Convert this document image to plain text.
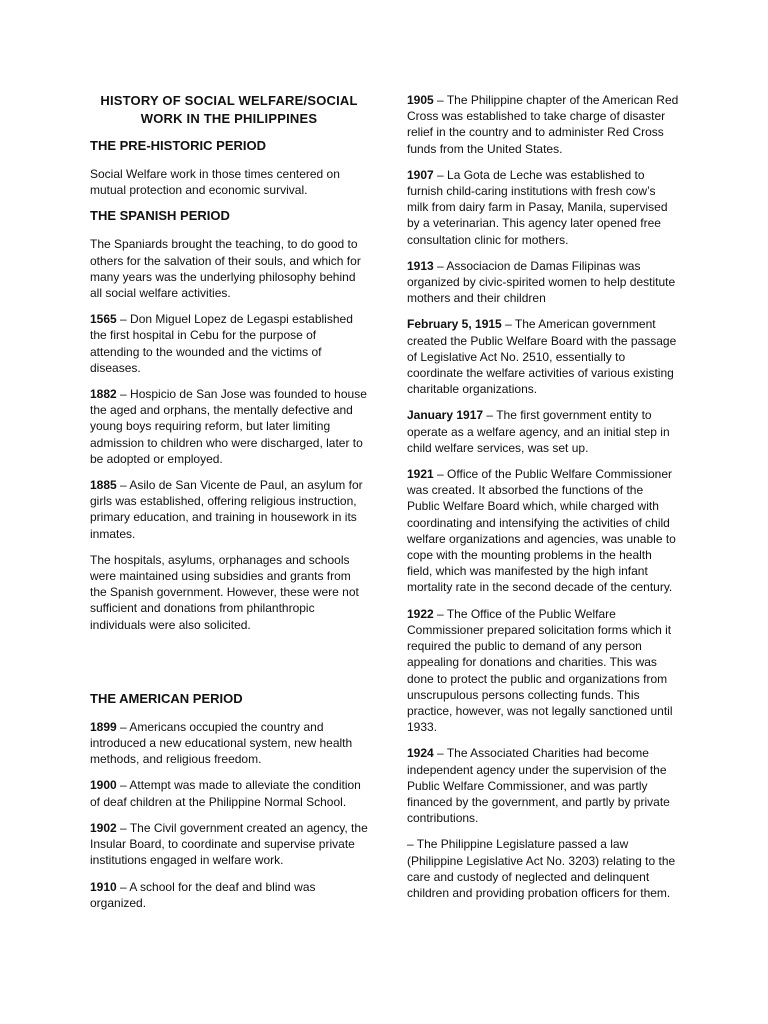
HISTORY OF SOCIAL WELFARE/SOCIAL WORK IN THE PHILIPPINES
THE PRE-HISTORIC PERIOD

Social Welfare work in those times centered on mutual protection and economic survival.

THE SPANISH PERIOD

The Spaniards brought the teaching, to do good to others for the salvation of their souls, and which for many years was the underlying philosophy behind all social welfare activities.

1565 – Don Miguel Lopez de Legaspi established the first hospital in Cebu for the purpose of attending to the wounded and the victims of diseases.

1882 – Hospicio de San Jose was founded to house the aged and orphans, the mentally defective and young boys requiring reform, but later limiting admission to children who were discharged, later to be adopted or employed.

1885 – Asilo de San Vicente de Paul, an asylum for girls was established, offering religious instruction, primary education, and training in housework in its inmates.

The hospitals, asylums, orphanages and schools were maintained using subsidies and grants from the Spanish government. However, these were not sufficient and donations from philanthropic individuals were also solicited.

THE AMERICAN PERIOD

1899 – Americans occupied the country and introduced a new educational system, new health methods, and religious freedom.

1900 – Attempt was made to alleviate the condition of deaf children at the Philippine Normal School.

1902 – The Civil government created an agency, the Insular Board, to coordinate and supervise private institutions engaged in welfare work.

1910 – A school for the deaf and blind was organized.

1905 – The Philippine chapter of the American Red Cross was established to take charge of disaster relief in the country and to administer Red Cross funds from the United States.

1907 – La Gota de Leche was established to furnish child-caring institutions with fresh cow’s milk from dairy farm in Pasay, Manila, supervised by a veterinarian. This agency later opened free consultation clinic for mothers.

1913 – Associacion de Damas Filipinas was organized by civic-spirited women to help destitute mothers and their children

February 5, 1915 – The American government created the Public Welfare Board with the passage of Legislative Act No. 2510, essentially to coordinate the welfare activities of various existing charitable organizations.

January 1917 – The first government entity to operate as a welfare agency, and an initial step in child welfare services, was set up.

1921 – Office of the Public Welfare Commissioner was created. It absorbed the functions of the Public Welfare Board which, while charged with coordinating and intensifying the activities of child welfare organizations and agencies, was unable to cope with the mounting problems in the health field, which was manifested by the high infant mortality rate in the second decade of the century.

1922 – The Office of the Public Welfare Commissioner prepared solicitation forms which it required the public to demand of any person appealing for donations and charities. This was done to protect the public and organizations from unscrupulous persons collecting funds. This practice, however, was not legally sanctioned until 1933.

1924 – The Associated Charities had become independent agency under the supervision of the Public Welfare Commissioner, and was partly financed by the government, and partly by private contributions.

– The Philippine Legislature passed a law (Philippine Legislative Act No. 3203) relating to the care and custody of neglected and delinquent children and providing probation officers for them.
